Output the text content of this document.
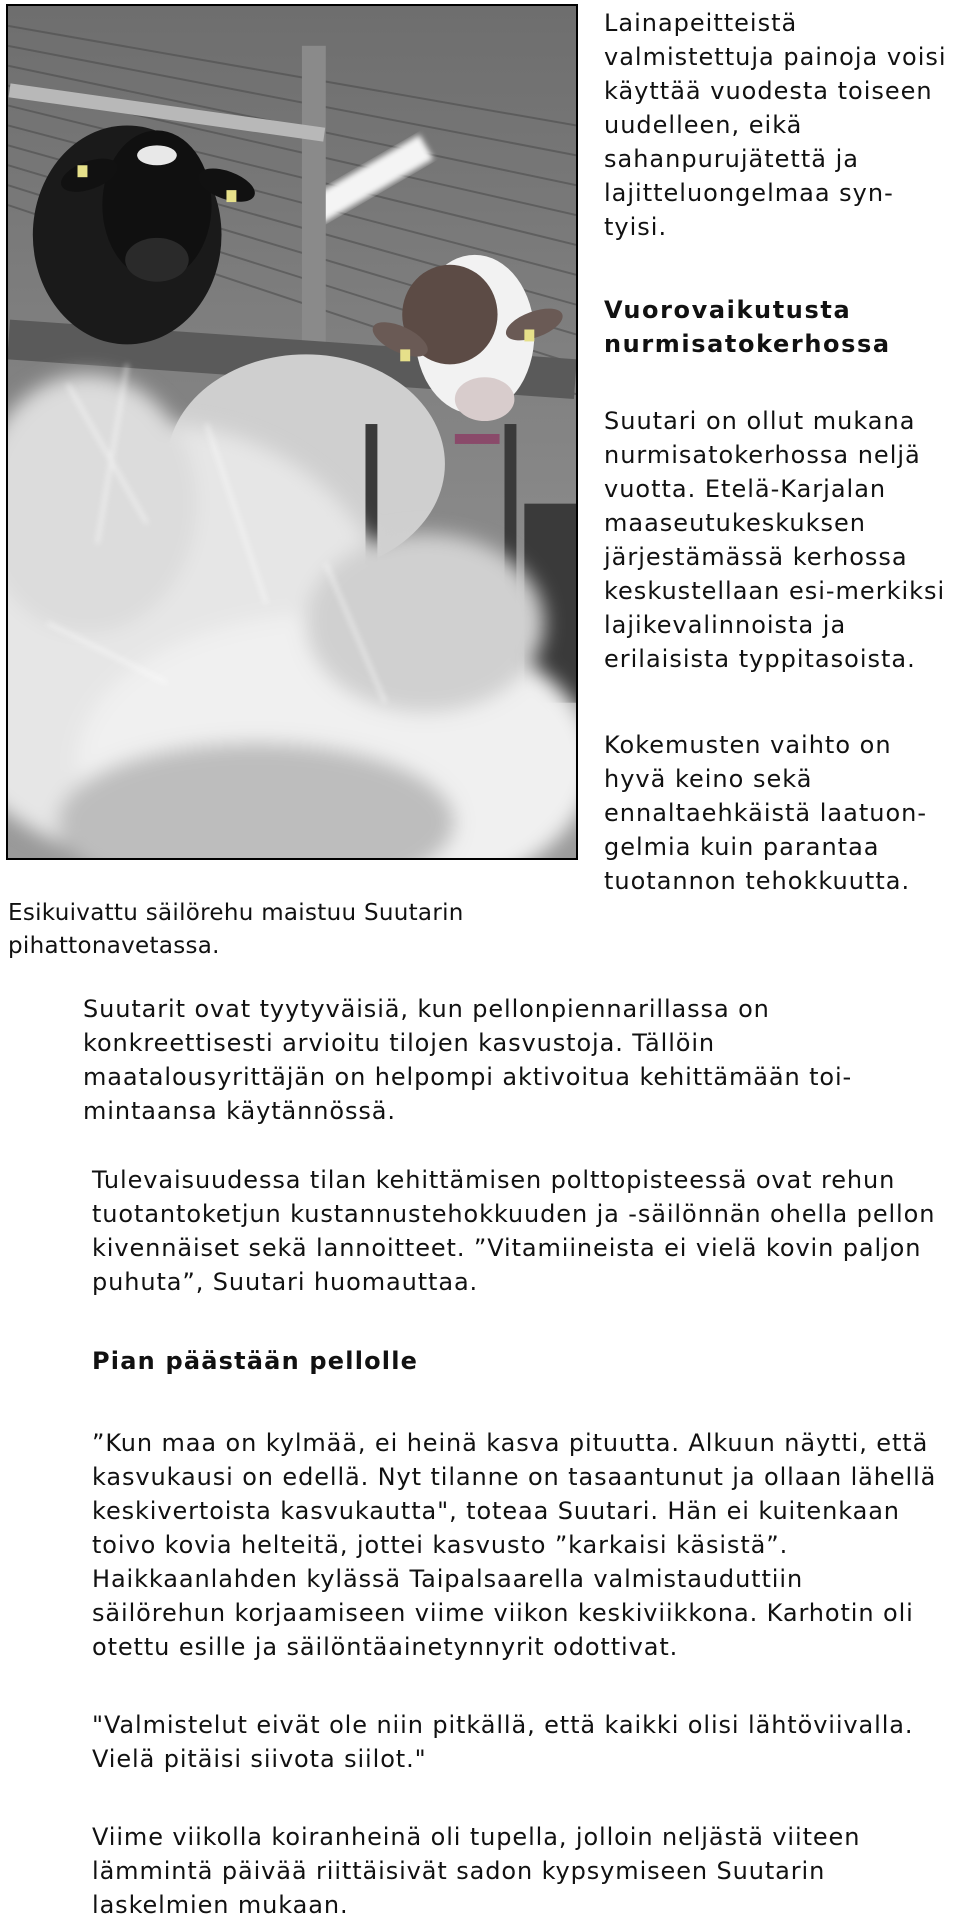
Esikuivattu säilörehu maistuu Suutarin pihattonavetassa.

Lainapeitteistä valmistettuja painoja voisi käyttää vuodesta toiseen uudelleen, eikä sahanpurujätettä ja lajitteluongelmaa syn-tyisi.

Vuorovaikutusta nurmisatokerhossa

Suutari on ollut mukana nurmisatokerhossa neljä vuotta. Etelä-Karjalan maaseutukeskuksen järjestämässä kerhossa keskustellaan esi-merkiksi lajikevalinnoista ja erilaisista typpitasoista.

Kokemusten vaihto on hyvä keino sekä ennaltaehkäistä laatuon-gelmia kuin parantaa tuotannon tehokkuutta.

Suutarit ovat tyytyväisiä, kun pellonpiennarillassa on konkreettisesti arvioitu tilojen kasvustoja. Tällöin maatalousyrittäjän on helpompi aktivoitua kehittämään toi-mintaansa käytännössä.

Tulevaisuudessa tilan kehittämisen polttopisteessä ovat rehun tuotantoketjun kustannustehokkuuden ja -säilönnän ohella pellon kivennäiset sekä lannoitteet. ”Vitamiineista ei vielä kovin paljon puhuta”, Suutari huomauttaa.

Pian päästään pellolle

”Kun maa on kylmää, ei heinä kasva pituutta. Alkuun näytti, että kasvukausi on edellä. Nyt tilanne on tasaantunut ja ollaan lähellä keskivertoista kasvukautta", toteaa Suutari. Hän ei kuitenkaan toivo kovia helteitä, jottei kasvusto ”karkaisi käsistä”.

Haikkaanlahden kylässä Taipalsaarella valmistauduttiin säilörehun korjaamiseen viime viikon keskiviikkona. Karhotin oli otettu esille ja säilöntäainetynnyrit odottivat.

"Valmistelut eivät ole niin pitkällä, että kaikki olisi lähtöviivalla. Vielä pitäisi siivota siilot."

Viime viikolla koiranheinä oli tupella, jolloin neljästä viiteen lämmintä päivää riittäisivät sadon kypsymiseen Suutarin laskelmien mukaan.
